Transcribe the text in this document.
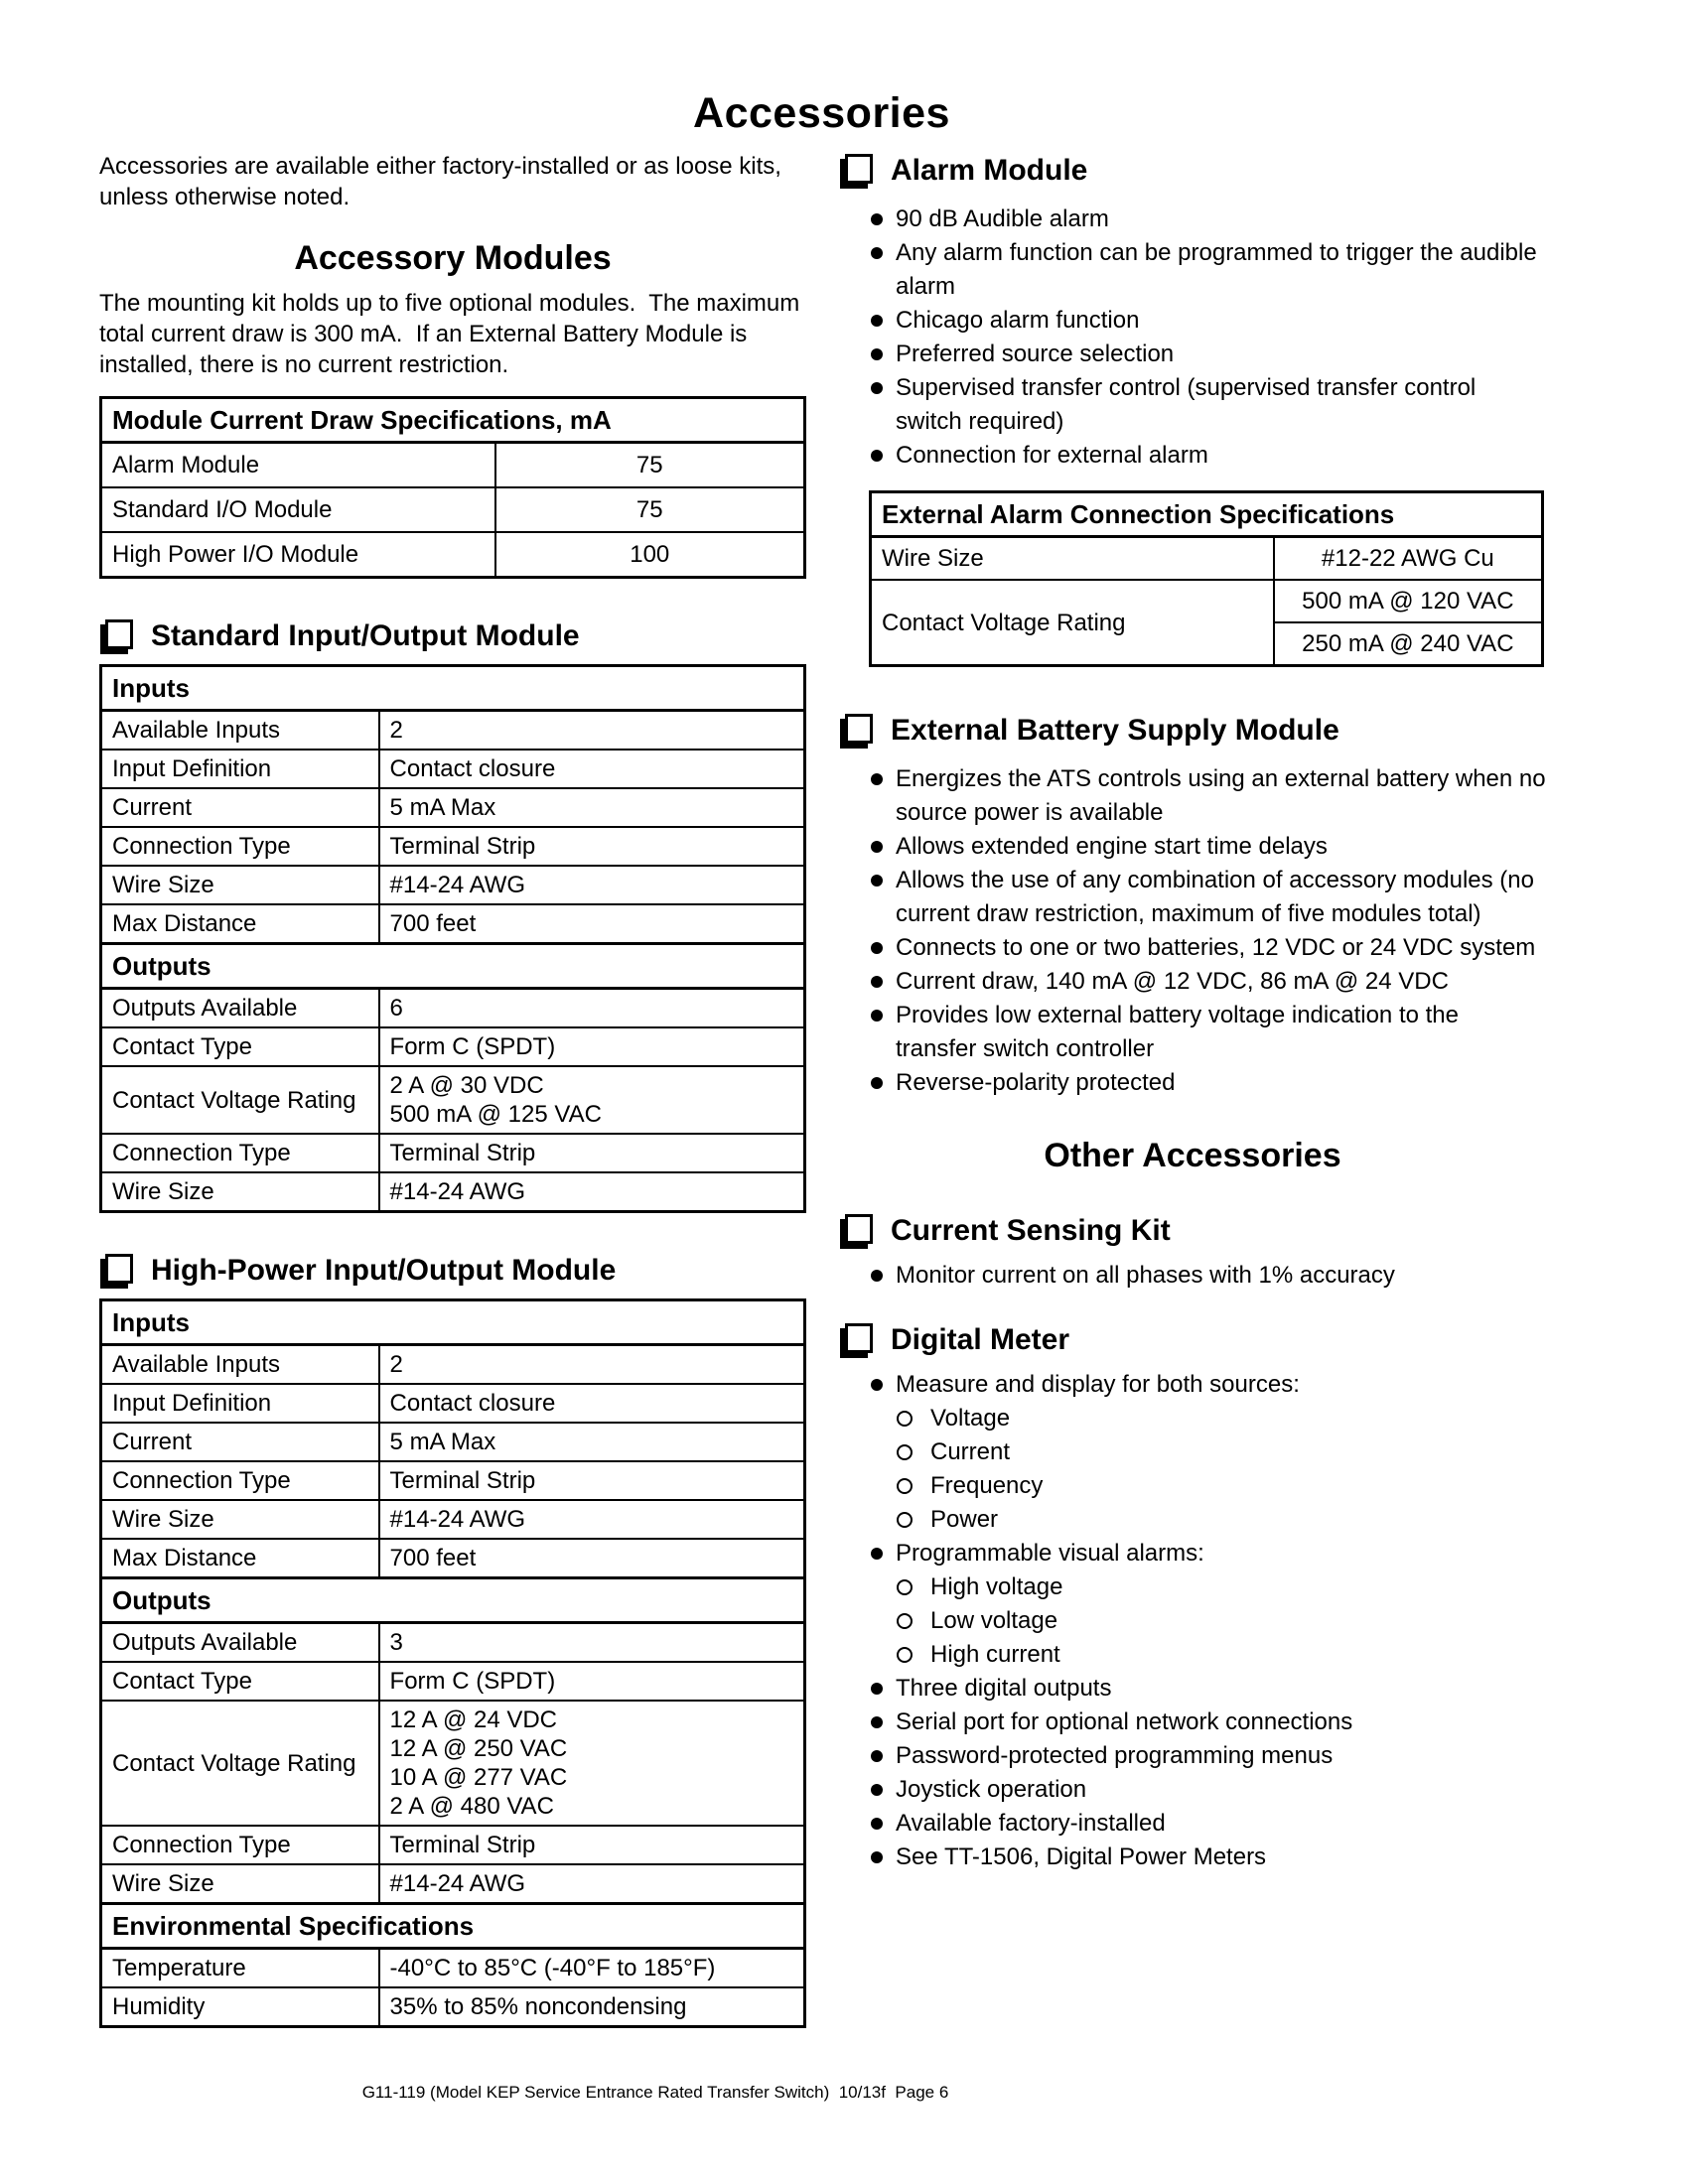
Accessories
Accessories are available either factory-installed or as loose kits, unless otherwise noted.
Accessory Modules
The mounting kit holds up to five optional modules.  The maximum total current draw is 300 mA.  If an External Battery Module is installed, there is no current restriction.
Module Current Draw Specifications, mA	
Alarm Module	75
Standard I/O Module	75
High Power I/O Module	100
Standard Input/Output Module
Inputs	
Available Inputs	2
Input Definition	Contact closure
Current	5 mA Max
Connection Type	Terminal Strip
Wire Size	#14-24 AWG
Max Distance	700 feet
Outputs	
Outputs Available	6
Contact Type	Form C (SPDT)
Contact Voltage Rating	2 A @ 30 VDC
500 mA @ 125 VAC

Connection Type	Terminal Strip
Wire Size	#14-24 AWG
High-Power Input/Output Module
Inputs	
Available Inputs	2
Input Definition	Contact closure
Current	5 mA Max
Connection Type	Terminal Strip
Wire Size	#14-24 AWG
Max Distance	700 feet
Outputs	
Outputs Available	3
Contact Type	Form C (SPDT)
Contact Voltage Rating	12 A @ 24 VDC
12 A @ 250 VAC
10 A @ 277 VAC
2 A @ 480 VAC

Connection Type	Terminal Strip
Wire Size	#14-24 AWG
Environmental Specifications	
Temperature	-40°C to 85°C (-40°F to 185°F)
Humidity	35% to 85% noncondensing
Alarm Module
90 dB Audible alarm
Any alarm function can be programmed to trigger the audible alarm
Chicago alarm function
Preferred source selection
Supervised transfer control (supervised transfer control switch required)
Connection for external alarm
External Alarm Connection Specifications	
Wire Size	#12-22 AWG Cu
Contact Voltage Rating	500 mA @ 120 VAC
	250 mA @ 240 VAC
External Battery Supply Module
Energizes the ATS controls using an external battery when no source power is available
Allows extended engine start time delays
Allows the use of any combination of accessory modules (no current draw restriction, maximum of five modules total)
Connects to one or two batteries, 12 VDC or 24 VDC system
Current draw, 140 mA @ 12 VDC, 86 mA @ 24 VDC
Provides low external battery voltage indication to the transfer switch controller
Reverse-polarity protected
Other Accessories
Current Sensing Kit
Monitor current on all phases with 1% accuracy
Digital Meter
Measure and display for both sources:
Voltage
Current
Frequency
Power
Programmable visual alarms:
High voltage
Low voltage
High current
Three digital outputs
Serial port for optional network connections
Password-protected programming menus
Joystick operation
Available factory-installed
See TT-1506, Digital Power Meters
G11-119 (Model KEP Service Entrance Rated Transfer Switch)  10/13f  Page 6
